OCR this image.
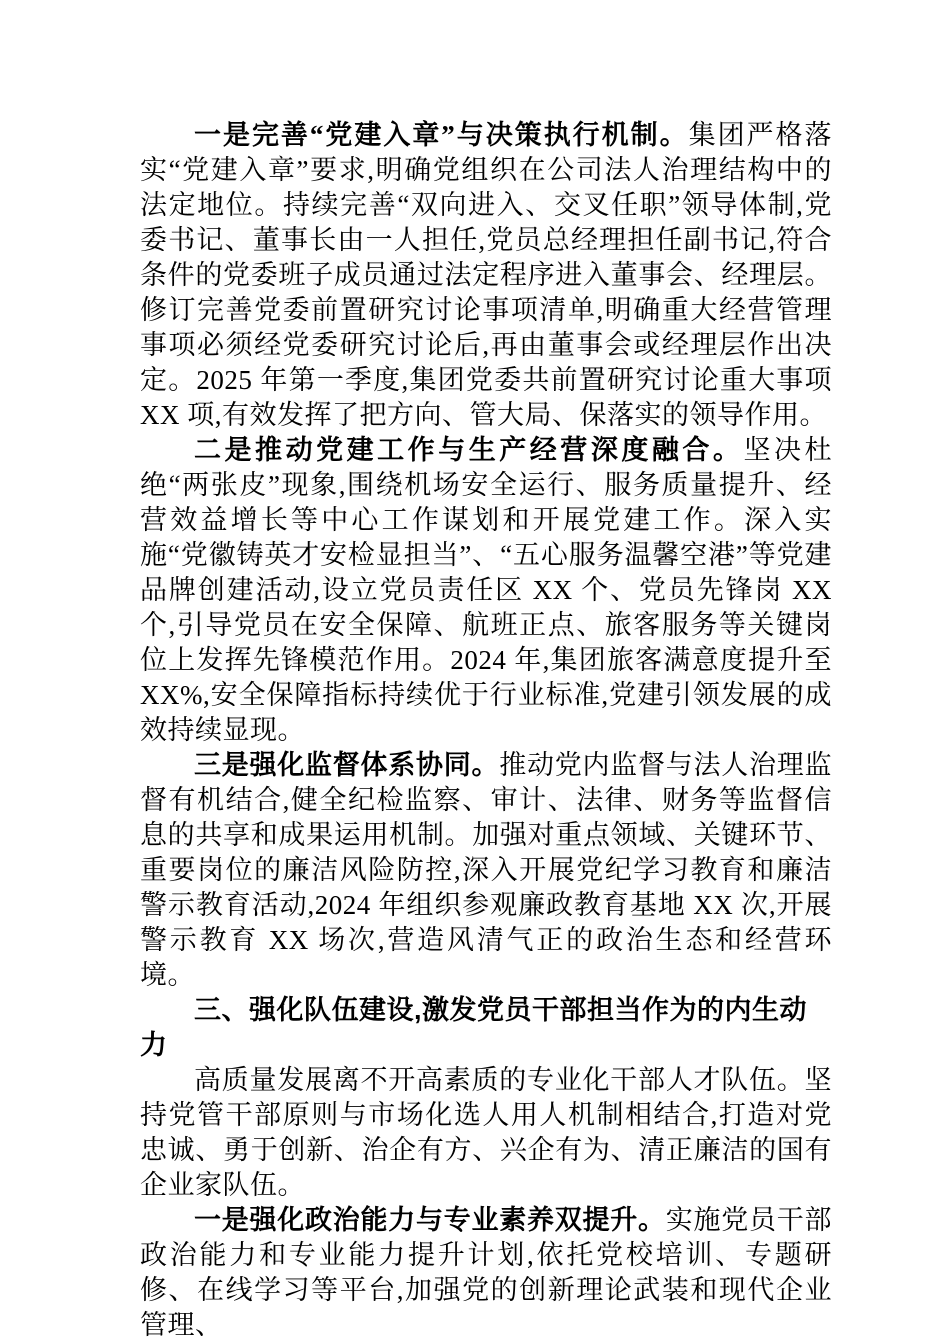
一是完善“党建入章”与决策执行机制。集团严格落实“党建入章”要求,明确党组织在公司法人治理结构中的法定地位。持续完善“双向进入、交叉任职”领导体制,党委书记、董事长由一人担任,党员总经理担任副书记,符合条件的党委班子成员通过法定程序进入董事会、经理层。修订完善党委前置研究讨论事项清单,明确重大经营管理事项必须经党委研究讨论后,再由董事会或经理层作出决定。2025 年第一季度,集团党委共前置研究讨论重大事项 XX 项,有效发挥了把方向、管大局、保落实的领导作用。

二是推动党建工作与生产经营深度融合。坚决杜绝“两张皮”现象,围绕机场安全运行、服务质量提升、经营效益增长等中心工作谋划和开展党建工作。深入实施“党徽铸英才安检显担当”、“五心服务温馨空港”等党建品牌创建活动,设立党员责任区 XX 个、党员先锋岗 XX 个,引导党员在安全保障、航班正点、旅客服务等关键岗位上发挥先锋模范作用。2024 年,集团旅客满意度提升至 XX%,安全保障指标持续优于行业标准,党建引领发展的成效持续显现。

三是强化监督体系协同。推动党内监督与法人治理监督有机结合,健全纪检监察、审计、法律、财务等监督信息的共享和成果运用机制。加强对重点领域、关键环节、重要岗位的廉洁风险防控,深入开展党纪学习教育和廉洁警示教育活动,2024 年组织参观廉政教育基地 XX 次,开展警示教育 XX 场次,营造风清气正的政治生态和经营环境。

三、强化队伍建设,激发党员干部担当作为的内生动力

高质量发展离不开高素质的专业化干部人才队伍。坚持党管干部原则与市场化选人用人机制相结合,打造对党忠诚、勇于创新、治企有方、兴企有为、清正廉洁的国有企业家队伍。

一是强化政治能力与专业素养双提升。实施党员干部政治能力和专业能力提升计划,依托党校培训、专题研修、在线学习等平台,加强党的创新理论武装和现代企业管理、
